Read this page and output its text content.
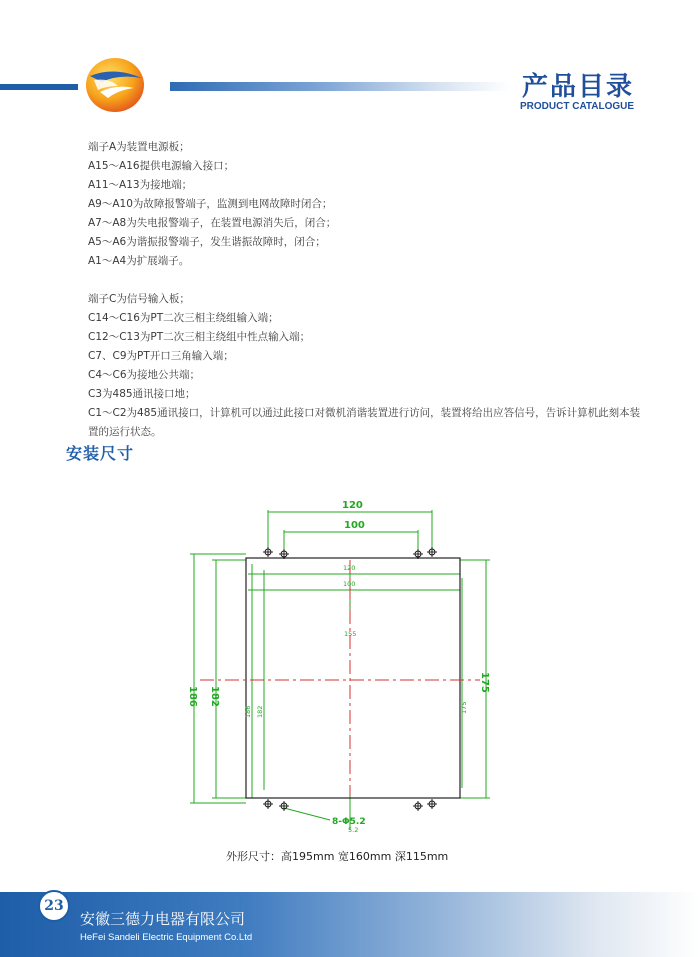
产品目录
PRODUCT CATALOGUE
端子A为装置电源板；
A15～A16提供电源输入接口；
A11～A13为接地端；
A9～A10为故障报警端子，监测到电网故障时闭合；
A7～A8为失电报警端子，在装置电源消失后，闭合；
A5～A6为谐振报警端子，发生谐振故障时，闭合；
A1～A4为扩展端子。
端子C为信号输入板；
C14～C16为PT二次三相主绕组输入端；
C12～C13为PT二次三相主绕组中性点输入端；
C7、C9为PT开口三角输入端；
C4～C6为接地公共端；
C3为485通讯接口地；
C1～C2为485通讯接口，计算机可以通过此接口对微机消谐装置进行访问，装置将给出应答信号，告诉计算机此刻本装置的运行状态。
安装尺寸
120
100
120
100
155
186 182
186 182
175
175
8-Φ5.2
5.2
外形尺寸：高195mm 宽160mm 深115mm
23
安徽三德力电器有限公司
HeFei Sandeli Electric Equipment Co.Ltd
